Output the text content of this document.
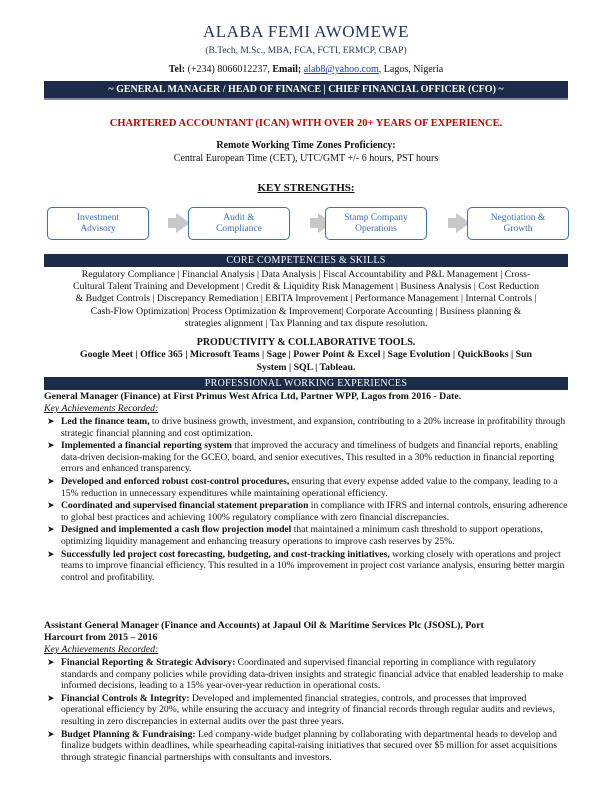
ALABA FEMI AWOMEWE
(B.Tech, M.Sc., MBA, FCA, FCTI, ERMCP, CBAP)
Tel: (+234) 8066012237, Email; alab8@yahoo.com, Lagos, Nigeria
~ GENERAL MANAGER / HEAD OF FINANCE | CHIEF FINANCIAL OFFICER (CFO) ~
CHARTERED ACCOUNTANT (ICAN) WITH OVER 20+ YEARS OF EXPERIENCE.
Remote Working Time Zones Proficiency:
Central European Time (CET), UTC/GMT +/- 6 hours, PST hours
KEY STRENGTHS:
Investment
Advisory
Audit &
Compliance
Stamp Company
Operations
Negotiation &
Growth
CORE COMPETENCIES & SKILLS
Regulatory Compliance | Financial Analysis | Data Analysis | Fiscal Accountability and P&L Management | Cross-
Cultural Talent Training and Development | Credit & Liquidity Risk Management | Business Analysis | Cost Reduction
& Budget Controls | Discrepancy Remediation | EBITA Improvement | Performance Management | Internal Controls |
Cash-Flow Optimization| Process Optimization & Improvement| Corporate Accounting | Business planning &
strategies alignment | Tax Planning and tax dispute resolution.
PRODUCTIVITY & COLLABORATIVE TOOLS.
Google Meet | Office 365 | Microsoft Teams | Sage | Power Point & Excel | Sage Evolution | QuickBooks | Sun
System | SQL | Tableau.
PROFESSIONAL WORKING EXPERIENCES
General Manager (Finance) at First Primus West Africa Ltd, Partner WPP, Lagos from 2016 - Date.
Key Achievements Recorded:
➤ Led the finance team, to drive business growth, investment, and expansion, contributing to a 20% increase in profitability through strategic financial planning and cost optimization.
➤ Implemented a financial reporting system that improved the accuracy and timeliness of budgets and financial reports, enabling data-driven decision-making for the GCEO, board, and senior executives. This resulted in a 30% reduction in financial reporting errors and enhanced transparency.
➤ Developed and enforced robust cost-control procedures, ensuring that every expense added value to the company, leading to a 15% reduction in unnecessary expenditures while maintaining operational efficiency.
➤ Coordinated and supervised financial statement preparation in compliance with IFRS and internal controls, ensuring adherence to global best practices and achieving 100% regulatory compliance with zero financial discrepancies.
➤ Designed and implemented a cash flow projection model that maintained a minimum cash threshold to support operations, optimizing liquidity management and enhancing treasury operations to improve cash reserves by 25%.
➤ Successfully led project cost forecasting, budgeting, and cost-tracking initiatives, working closely with operations and project teams to improve financial efficiency. This resulted in a 10% improvement in project cost variance analysis, ensuring better margin control and profitability.
Assistant General Manager (Finance and Accounts) at Japaul Oil & Maritime Services Plc (JSOSL), Port
Harcourt from 2015 – 2016
Key Achievements Recorded:
➤ Financial Reporting & Strategic Advisory: Coordinated and supervised financial reporting in compliance with regulatory standards and company policies while providing data-driven insights and strategic financial advice that enabled leadership to make informed decisions, leading to a 15% year-over-year reduction in operational costs.
➤ Financial Controls & Integrity: Developed and implemented financial strategies, controls, and processes that improved operational efficiency by 20%, while ensuring the accuracy and integrity of financial records through regular audits and reviews, resulting in zero discrepancies in external audits over the past three years.
➤ Budget Planning & Fundraising: Led company-wide budget planning by collaborating with departmental heads to develop and finalize budgets within deadlines, while spearheading capital-raising initiatives that secured over $5 million for asset acquisitions through strategic financial partnerships with consultants and investors.
